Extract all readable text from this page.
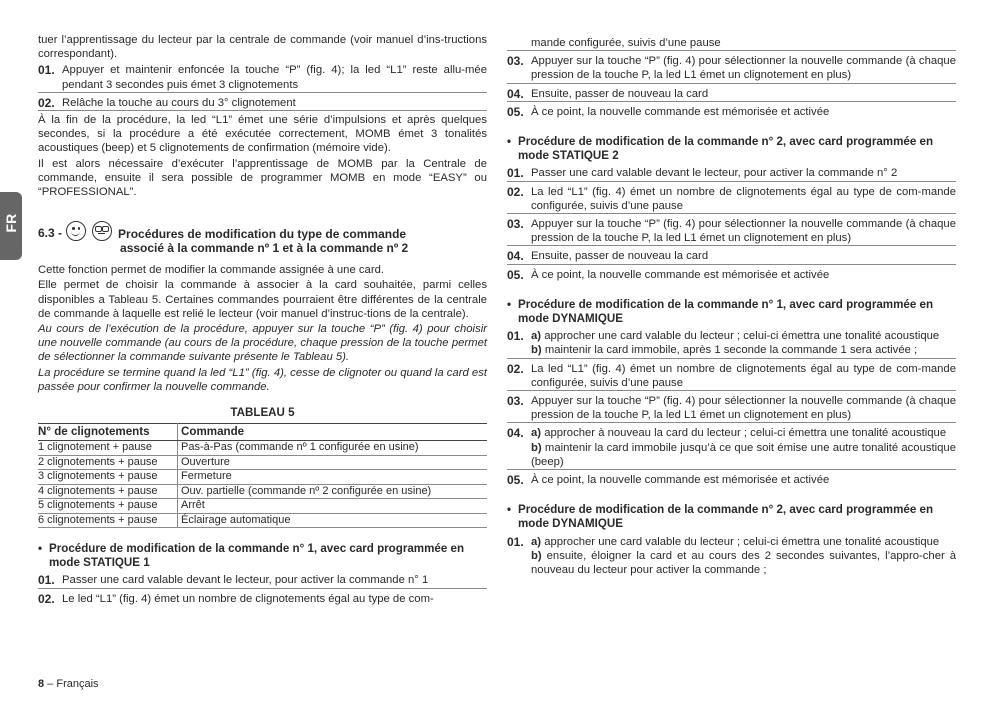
FR

tuer l’apprentissage du lecteur par la centrale de commande (voir manuel d’ins-tructions correspondant).

01. Appuyer et maintenir enfoncée la touche “P” (fig. 4); la led “L1” reste allu-mée pendant 3 secondes puis émet 3 clignotements
02. Relâche la touche au cours du 3° clignotement

À la fin de la procédure, la led “L1” émet une série d’impulsions et après quelques secondes, si la procédure a été exécutée correctement, MOMB émet 3 tonalités acoustiques (beep) et 5 clignotements de confirmation (mémoire vide).

Il est alors nécessaire d’exécuter l’apprentissage de MOMB par la Centrale de commande, ensuite il sera possible de programmer MOMB en mode “EASY” ou “PROFESSIONAL”.

6.3 -	Procédures de modification du type de commande
associé à la commande nº 1 et à la commande nº 2

Cette fonction permet de modifier la commande assignée à une card.

Elle permet de choisir la commande à associer à la card souhaitée, parmi celles disponibles a Tableau 5. Certaines commandes pourraient être différentes de la centrale de commande à laquelle est relié le lecteur (voir manuel d’instruc-tions de la centrale).

Au cours de l’exécution de la procédure, appuyer sur la touche “P” (fig. 4) pour choisir une nouvelle commande (au cours de la procédure, chaque pression de la touche permet de sélectionner la commande suivante présente le Tableau 5).

La procédure se termine quand la led “L1” (fig. 4), cesse de clignoter ou quand la card est passée pour confirmer la nouvelle commande.

TABLEAU 5
N° de clignotements	Commande
1 clignotement + pause	Pas-à-Pas (commande nº 1 configurée en usine)
2 clignotements + pause	Ouverture
3 clignotements + pause	Fermeture
4 clignotements + pause	Ouv. partielle (commande nº 2 configurée en usine)
5 clignotements + pause	Arrêt
6 clignotements + pause	Éclairage automatique
• Procédure de modification de la commande n° 1, avec card programmée en mode STATIQUE 1
01. Passer une card valable devant le lecteur, pour activer la commande n° 1
02. Le led “L1” (fig. 4) émet un nombre de clignotements égal au type de com-
mande configurée, suivis d’une pause
03. Appuyer sur la touche “P” (fig. 4) pour sélectionner la nouvelle commande (à chaque pression de la touche P, la led L1 émet un clignotement en plus)
04. Ensuite, passer de nouveau la card
05. À ce point, la nouvelle commande est mémorisée et activée
• Procédure de modification de la commande n° 2, avec card programmée en mode STATIQUE 2
01. Passer une card valable devant le lecteur, pour activer la commande n° 2
02. La led “L1” (fig. 4) émet un nombre de clignotements égal au type de com-mande configurée, suivis d’une pause
03. Appuyer sur la touche “P” (fig. 4) pour sélectionner la nouvelle commande (à chaque pression de la touche P, la led L1 émet un clignotement en plus)
04. Ensuite, passer de nouveau la card
05. À ce point, la nouvelle commande est mémorisée et activée
• Procédure de modification de la commande n° 1, avec card programmée en mode DYNAMIQUE
01. a) approcher une card valable du lecteur ; celui-ci émettra une tonalité acoustique
b) maintenir la card immobile, après 1 seconde la commande 1 sera activée ;
02. La led “L1” (fig. 4) émet un nombre de clignotements égal au type de com-mande configurée, suivis d’une pause
03. Appuyer sur la touche “P” (fig. 4) pour sélectionner la nouvelle commande (à chaque pression de la touche P, la led L1 émet un clignotement en plus)
04. a) approcher à nouveau la card du lecteur ; celui-ci émettra une tonalité acoustique
b) maintenir la card immobile jusqu’à ce que soit émise une autre tonalité acoustique (beep)
05. À ce point, la nouvelle commande est mémorisée et activée
• Procédure de modification de la commande n° 2, avec card programmée en mode DYNAMIQUE
01. a) approcher une card valable du lecteur ; celui-ci émettra une tonalité acoustique
b) ensuite, éloigner la card et au cours des 2 secondes suivantes, l’appro-cher à nouveau du lecteur pour activer la commande ;
8 – Français
